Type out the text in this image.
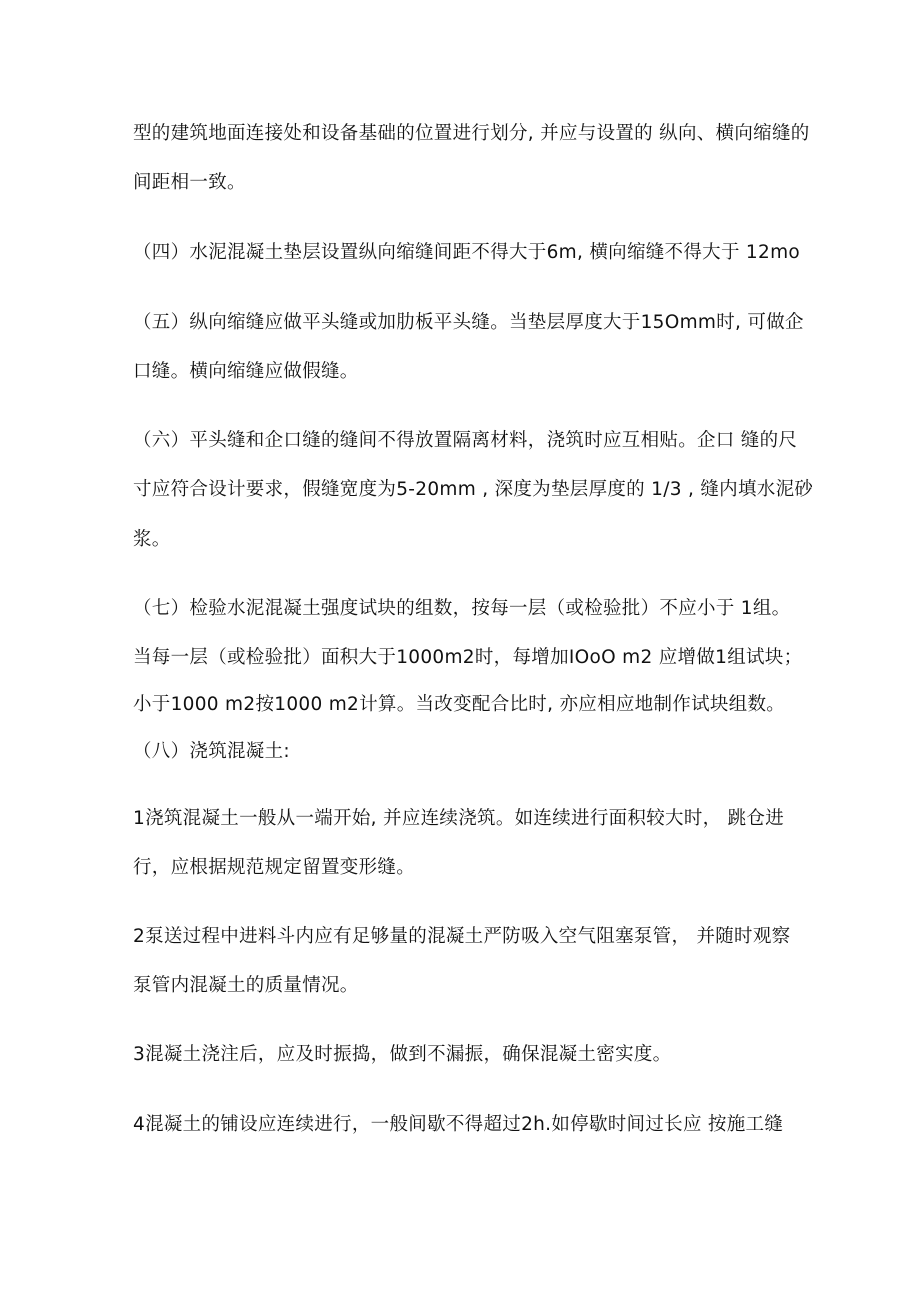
型的建筑地面连接处和设备基础的位置进行划分, 并应与设置的 纵向、横向缩缝的
间距相一致。
（四）水泥混凝土垫层设置纵向缩缝间距不得大于6m, 横向缩缝不得大于 12mo
（五）纵向缩缝应做平头缝或加肋板平头缝。当垫层厚度大于15Omm时, 可做企
口缝。横向缩缝应做假缝。
（六）平头缝和企口缝的缝间不得放置隔离材料，浇筑时应互相贴。企口 缝的尺
寸应符合设计要求，假缝宽度为5-20mm , 深度为垫层厚度的 1/3 , 缝内填水泥砂
浆。
（七）检验水泥混凝土强度试块的组数，按每一层（或检验批）不应小于 1组。
当每一层（或检验批）面积大于1000m2时，每增加IOoO m2 应增做1组试块；
小于1000 m2按1000 m2计算。当改变配合比时, 亦应相应地制作试块组数。
（八）浇筑混凝土:
1浇筑混凝土一般从一端开始, 并应连续浇筑。如连续进行面积较大时， 跳仓进
行，应根据规范规定留置变形缝。
2泵送过程中进料斗内应有足够量的混凝土严防吸入空气阻塞泵管， 并随时观察
泵管内混凝土的质量情况。
3混凝土浇注后，应及时振捣，做到不漏振，确保混凝土密实度。
4混凝土的铺设应连续进行，一般间歇不得超过2h.如停歇时间过长应 按施工缝
